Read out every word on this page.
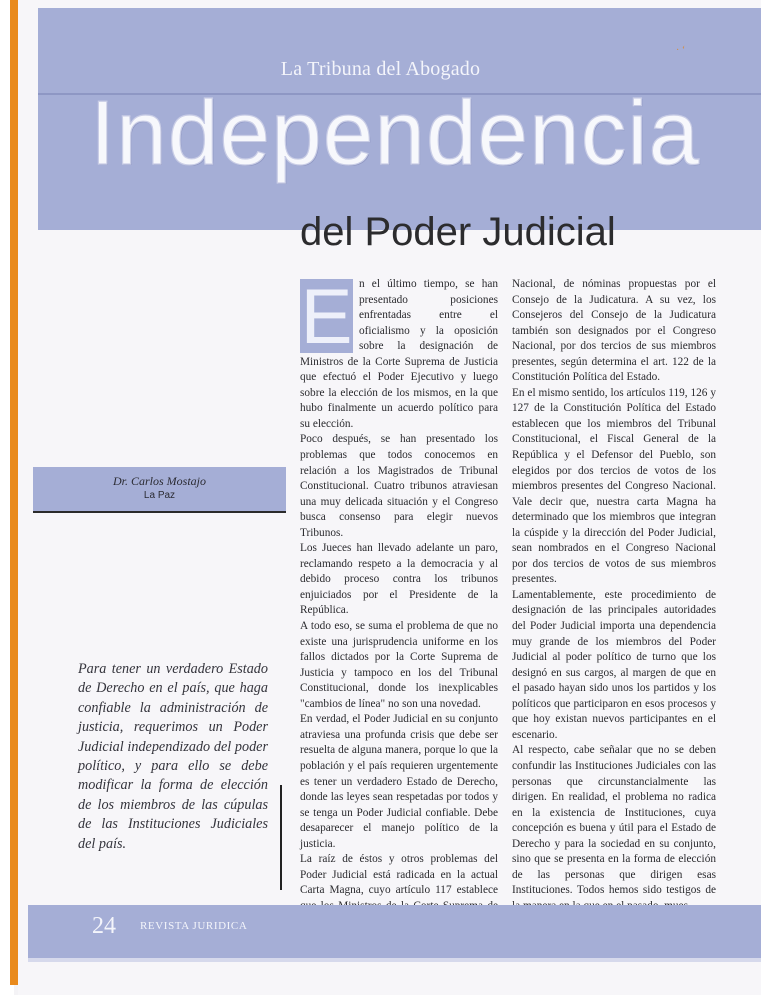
· ‘
La Tribuna del Abogado
Independencia
del Poder Judicial
Dr. Carlos Mostajo
La Paz
Para tener un verdadero Estado de Derecho en el país, que haga confiable la administración de justicia, requerimos un Poder Judicial independizado del poder político, y para ello se debe modificar la forma de elección de los miembros de las cúpulas de las Instituciones Judiciales del país.
E n el último tiempo, se han presentado posiciones enfrentadas entre el oficialismo y la oposición sobre la designación de Ministros de la Corte Suprema de Justicia que efectuó el Poder Ejecutivo y luego sobre la elección de los mismos, en la que hubo finalmente un acuerdo político para su elección.

Poco después, se han presentado los problemas que todos conocemos en relación a los Magistrados de Tribunal Constitucional. Cuatro tribunos atraviesan una muy delicada situación y el Congreso busca consenso para elegir nuevos Tribunos.

Los Jueces han llevado adelante un paro, reclamando respeto a la democracia y al debido proceso contra los tribunos enjuiciados por el Presidente de la República.

A todo eso, se suma el problema de que no existe una jurisprudencia uniforme en los fallos dictados por la Corte Suprema de Justicia y tampoco en los del Tribunal Constitucional, donde los inexplicables "cambios de línea" no son una novedad.

En verdad, el Poder Judicial en su conjunto atraviesa una profunda crisis que debe ser resuelta de alguna manera, porque lo que la población y el país requieren urgentemente es tener un verdadero Estado de Derecho, donde las leyes sean respetadas por todos y se tenga un Poder Judicial confiable. Debe desaparecer el manejo político de la justicia.

La raíz de éstos y otros problemas del Poder Judicial está radicada en la actual Carta Magna, cuyo artículo 117 establece

Nacional, de nóminas propuestas por el Consejo de la Judicatura. A su vez, los Consejeros del Consejo de la Judicatura también son designados por el Congreso Nacional, por dos tercios de sus miembros presentes, según determina el art. 122 de la Constitución Política del Estado.

En el mismo sentido, los artículos 119, 126 y 127 de la Constitución Política del Estado establecen que los miembros del Tribunal Constitucional, el Fiscal General de la República y el Defensor del Pueblo, son elegidos por dos tercios de votos de los miembros presentes del Congreso Nacional. Vale decir que, nuestra carta Magna ha determinado que los miembros que integran la cúspide y la dirección del Poder Judicial, sean nombrados en el Congreso Nacional por dos tercios de votos de sus miembros presentes.

Lamentablemente, este procedimiento de designación de las principales autoridades del Poder Judicial importa una dependencia muy grande de los miembros del Poder Judicial al poder político de turno que los designó en sus cargos, al margen de que en el pasado hayan sido unos los partidos y los políticos que participaron en esos procesos y que hoy existan nuevos participantes en el escenario.

Al respecto, cabe señalar que no se deben confundir las Instituciones Judiciales con las personas que circunstancialmente las dirigen. En realidad, el problema no radica en la existencia de Instituciones, cuya concepción es buena y útil para el Estado de Derecho y para la sociedad en su conjunto, sino que se presenta en la forma de elección de las personas que dirigen esas Instituciones. Todos hemos sido testigos de

24 REVISTA JURIDICA
